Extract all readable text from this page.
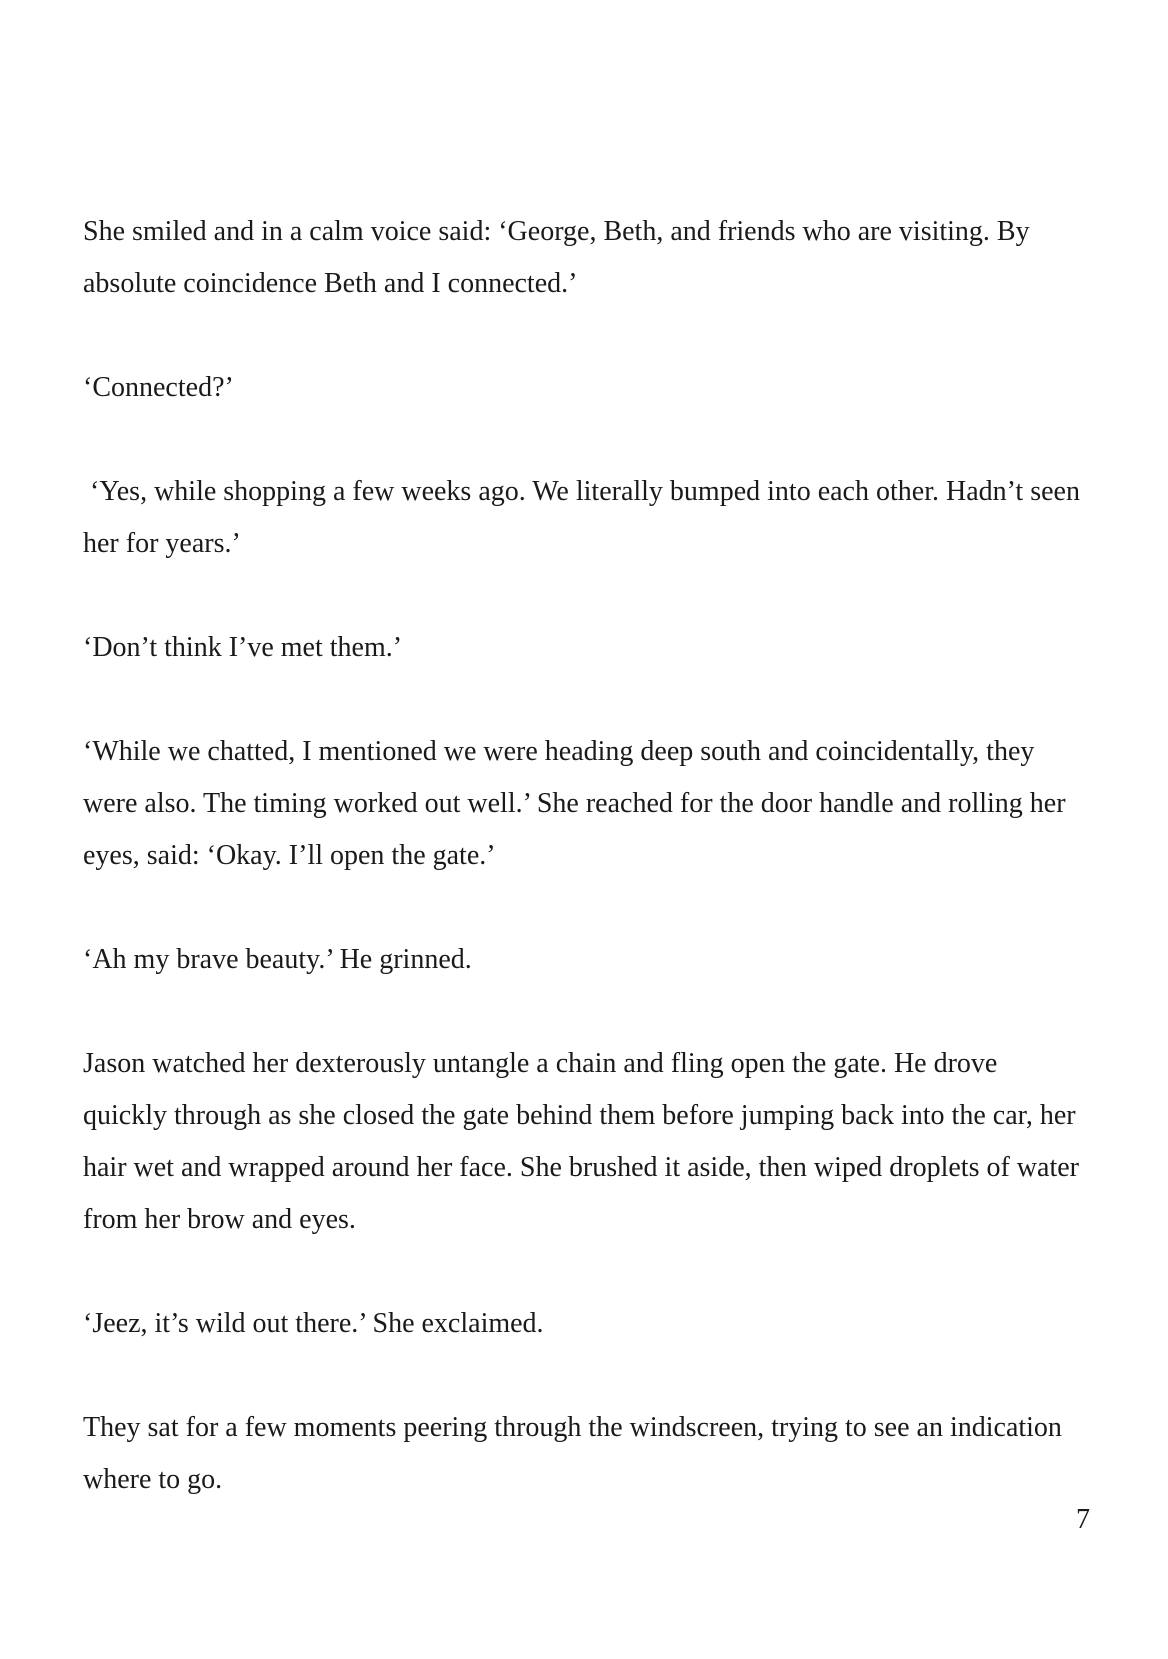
She smiled and in a calm voice said: ‘George, Beth, and friends who are visiting. By absolute coincidence Beth and I connected.’

‘Connected?’

‘Yes, while shopping a few weeks ago. We literally bumped into each other. Hadn’t seen her for years.’

‘Don’t think I’ve met them.’

‘While we chatted, I mentioned we were heading deep south and coincidentally, they were also. The timing worked out well.’ She reached for the door handle and rolling her eyes, said: ‘Okay. I’ll open the gate.’

‘Ah my brave beauty.’ He grinned.

Jason watched her dexterously untangle a chain and fling open the gate. He drove quickly through as she closed the gate behind them before jumping back into the car, her hair wet and wrapped around her face. She brushed it aside, then wiped droplets of water from her brow and eyes.

‘Jeez, it’s wild out there.’ She exclaimed.

They sat for a few moments peering through the windscreen, trying to see an indication where to go.

7
